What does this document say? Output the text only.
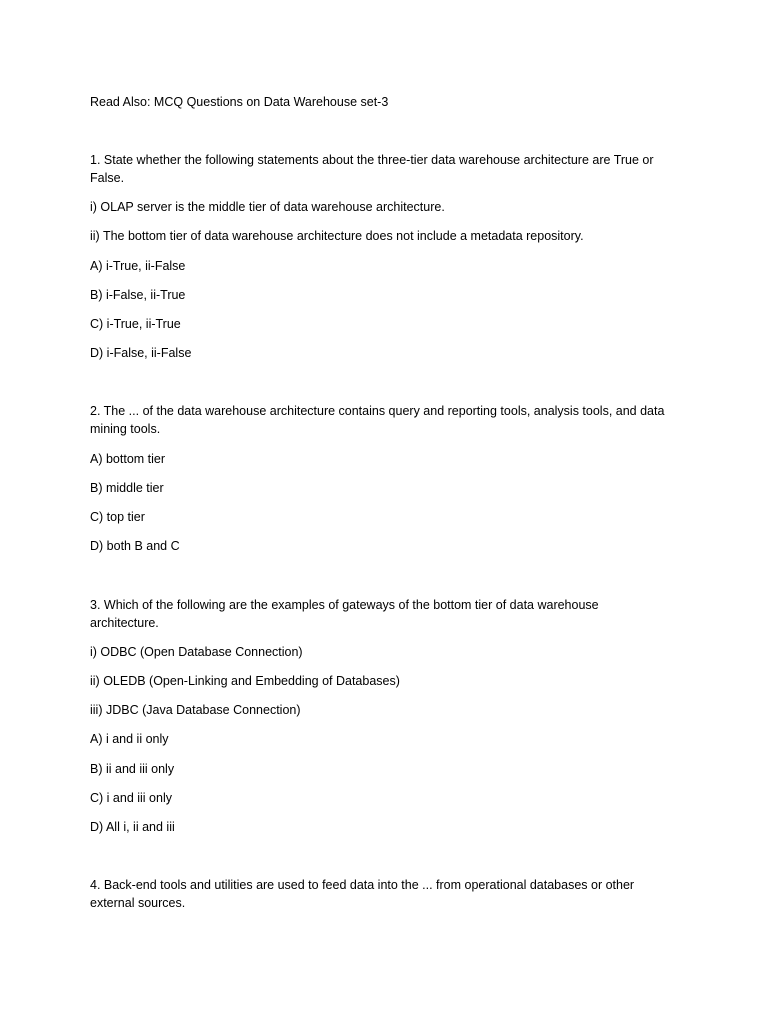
Read Also: MCQ Questions on Data Warehouse set-3
1. State whether the following statements about the three-tier data warehouse architecture are True or
False.
i) OLAP server is the middle tier of data warehouse architecture.
ii) The bottom tier of data warehouse architecture does not include a metadata repository.
A) i-True, ii-False
B) i-False, ii-True
C) i-True, ii-True
D) i-False, ii-False
2. The ... of the data warehouse architecture contains query and reporting tools, analysis tools, and data
mining tools.
A) bottom tier
B) middle tier
C) top tier
D) both B and C
3. Which of the following are the examples of gateways of the bottom tier of data warehouse
architecture.
i) ODBC (Open Database Connection)
ii) OLEDB (Open-Linking and Embedding of Databases)
iii) JDBC (Java Database Connection)
A) i and ii only
B) ii and iii only
C) i and iii only
D) All i, ii and iii
4. Back-end tools and utilities are used to feed data into the ... from operational databases or other
external sources.
